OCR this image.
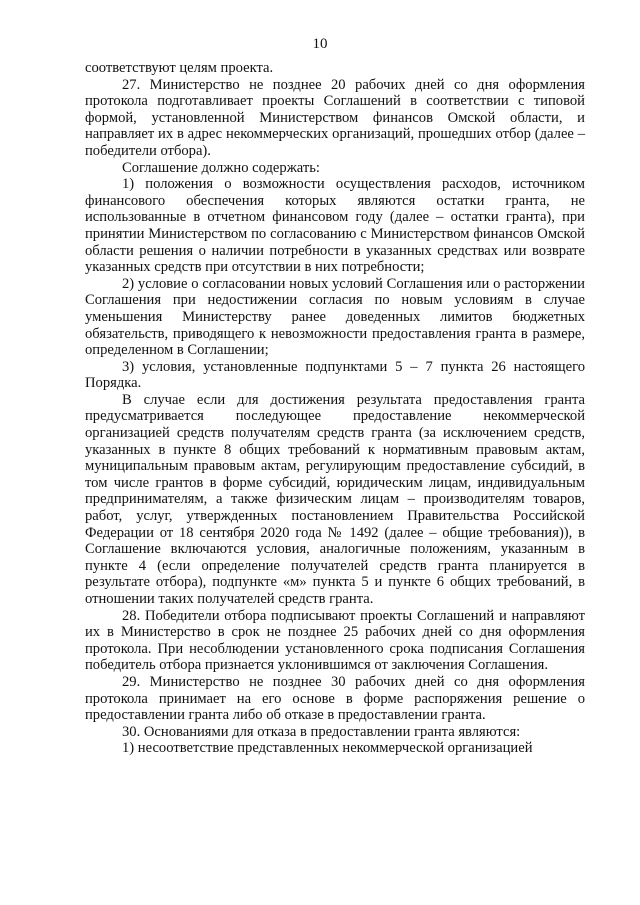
10

соответствуют целям проекта.

27. Министерство не позднее 20 рабочих дней со дня оформления протокола подготавливает проекты Соглашений в соответствии с типовой формой, установленной Министерством финансов Омской области, и направляет их в адрес некоммерческих организаций, прошедших отбор (далее – победители отбора).

Соглашение должно содержать:

1) положения о возможности осуществления расходов, источником финансового обеспечения которых являются остатки гранта, не использованные в отчетном финансовом году (далее – остатки гранта), при принятии Министерством по согласованию с Министерством финансов Омской области решения о наличии потребности в указанных средствах или возврате указанных средств при отсутствии в них потребности;

2) условие о согласовании новых условий Соглашения или о расторжении Соглашения при недостижении согласия по новым условиям в случае уменьшения Министерству ранее доведенных лимитов бюджетных обязательств, приводящего к невозможности предоставления гранта в размере, определенном в Соглашении;

3) условия, установленные подпунктами 5 – 7 пункта 26 настоящего Порядка.

В случае если для достижения результата предоставления гранта предусматривается последующее предоставление некоммерческой организацией средств получателям средств гранта (за исключением средств, указанных в пункте 8 общих требований к нормативным правовым актам, муниципальным правовым актам, регулирующим предоставление субсидий, в том числе грантов в форме субсидий, юридическим лицам, индивидуальным предпринимателям, а также физическим лицам – производителям товаров, работ, услуг, утвержденных постановлением Правительства Российской Федерации от 18 сентября 2020 года № 1492 (далее – общие требования)), в Соглашение включаются условия, аналогичные положениям, указанным в пункте 4 (если определение получателей средств гранта планируется в результате отбора), подпункте «м» пункта 5 и пункте 6 общих требований, в отношении таких получателей средств гранта.

28. Победители отбора подписывают проекты Соглашений и направляют их в Министерство в срок не позднее 25 рабочих дней со дня оформления протокола. При несоблюдении установленного срока подписания Соглашения победитель отбора признается уклонившимся от заключения Соглашения.

29. Министерство не позднее 30 рабочих дней со дня оформления протокола принимает на его основе в форме распоряжения решение о предоставлении гранта либо об отказе в предоставлении гранта.

30. Основаниями для отказа в предоставлении гранта являются:

1) несоответствие представленных некоммерческой организацией
